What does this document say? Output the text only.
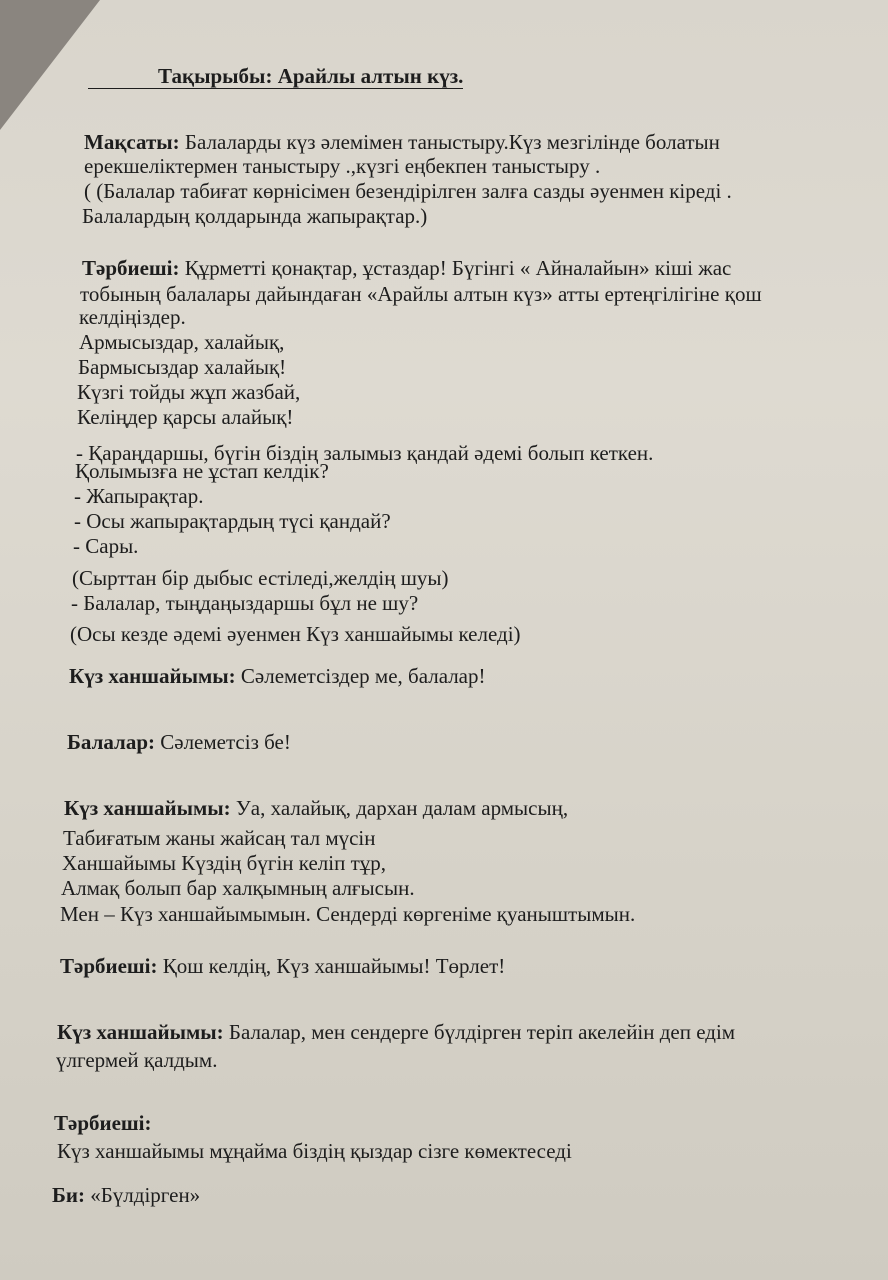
Тақырыбы: Арайлы алтын күз.
Мақсаты: Балаларды күз әлемімен таныстыру.Күз мезгілінде болатын
ерекшеліктермен таныстыру .,күзгі еңбекпен таныстыру .
( (Балалар табиғат көрнісімен безендірілген залға сазды әуенмен кіреді .
Балалардың қолдарында жапырақтар.)
Тәрбиеші: Құрметті қонақтар, ұстаздар! Бүгінгі « Айналайын» кіші жас
тобының балалары дайындаған «Арайлы алтын күз» атты ертеңгілігіне қош
келдіңіздер.
Армысыздар, халайық,
Бармысыздар халайық!
Күзгі тойды жұп жазбай,
Келіңдер қарсы алайық!
- Қараңдаршы, бүгін біздің залымыз қандай әдемі болып кеткен.
Қолымызға не ұстап келдік?
- Жапырақтар.
- Осы жапырақтардың түсі қандай?
- Сары.
(Сырттан бір дыбыс естіледі,желдің шуы)
- Балалар, тыңдаңыздаршы бұл не шу?
(Осы кезде әдемі әуенмен Күз ханшайымы келеді)
Күз ханшайымы: Сәлеметсіздер ме, балалар!
Балалар: Сәлеметсіз бе!
Күз ханшайымы: Уа, халайық, дархан далам армысың,
Табиғатым жаны жайсаң тал мүсін
Ханшайымы Күздің бүгін келіп тұр,
Алмақ болып бар халқымның алғысын.
Мен – Күз ханшайымымын. Сендерді көргеніме қуаныштымын.
Тәрбиеші: Қош келдің, Күз ханшайымы! Төрлет!
Күз ханшайымы: Балалар, мен сендерге бүлдірген теріп акелейін деп едім
үлгермей қалдым.
Тәрбиеші:
Күз ханшайымы мұңайма біздің қыздар сізге көмектеседі
Би: «Бүлдірген»
